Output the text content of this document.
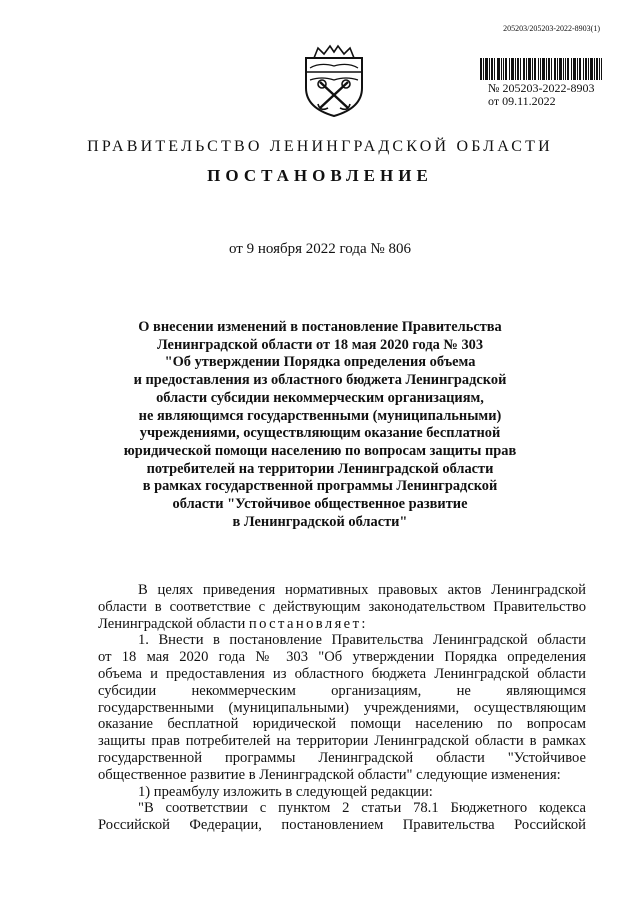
205203/205203-2022-8903(1)
№ 205203-2022-8903
от 09.11.2022
ПРАВИТЕЛЬСТВО ЛЕНИНГРАДСКОЙ ОБЛАСТИ
ПОСТАНОВЛЕНИЕ
от 9 ноября 2022 года № 806
О внесении изменений в постановление Правительства
Ленинградской области от 18 мая 2020 года № 303
"Об утверждении Порядка определения объема
и предоставления из областного бюджета Ленинградской
области субсидии некоммерческим организациям,
не являющимся государственными (муниципальными)
учреждениями, осуществляющим оказание бесплатной
юридической помощи населению по вопросам защиты прав
потребителей на территории Ленинградской области
в рамках государственной программы Ленинградской
области "Устойчивое общественное развитие
в Ленинградской области"
В целях приведения нормативных правовых актов Ленинградской
области в соответствие с действующим законодательством Правительство
Ленинградской области постановляет:
1. Внести в постановление Правительства Ленинградской области
от 18 мая 2020 года № 303 "Об утверждении Порядка определения
объема и предоставления из областного бюджета Ленинградской области
субсидии некоммерческим организациям, не являющимся
государственными (муниципальными) учреждениями, осуществляющим
оказание бесплатной юридической помощи населению по вопросам
защиты прав потребителей на территории Ленинградской области в рамках
государственной программы Ленинградской области "Устойчивое
общественное развитие в Ленинградской области" следующие изменения:
1) преамбулу изложить в следующей редакции:
"В соответствии с пунктом 2 статьи 78.1 Бюджетного кодекса
Российской Федерации, постановлением Правительства Российской
